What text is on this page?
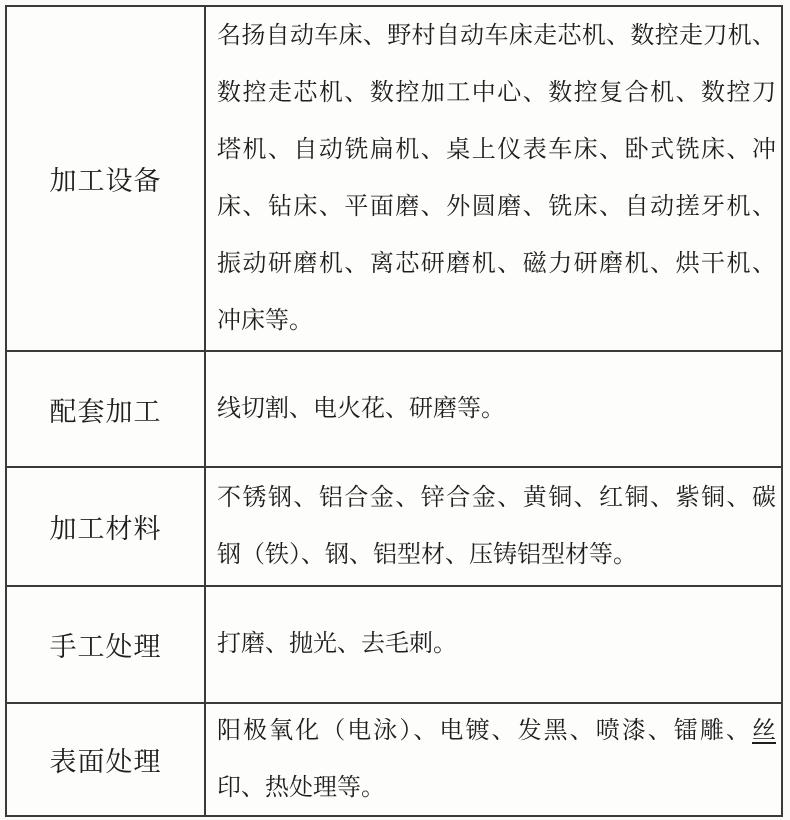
加工设备
名扬自动车床、野村自动车床走芯机、数控走刀机、
数控走芯机、数控加工中心、数控复合机、数控刀
塔机、自动铣扁机、桌上仪表车床、卧式铣床、冲
床、钻床、平面磨、外圆磨、铣床、自动搓牙机、
振动研磨机、离芯研磨机、磁力研磨机、烘干机、
冲床等。
配套加工	线切割、电火花、研磨等。
加工材料
不锈钢、铝合金、锌合金、黄铜、红铜、紫铜、碳
钢（铁）、钢、铝型材、压铸铝型材等。
手工处理	打磨、抛光、去毛刺。
表面处理
阳极氧化（电泳）、电镀、发黑、喷漆、镭雕、丝
印、热处理等。
